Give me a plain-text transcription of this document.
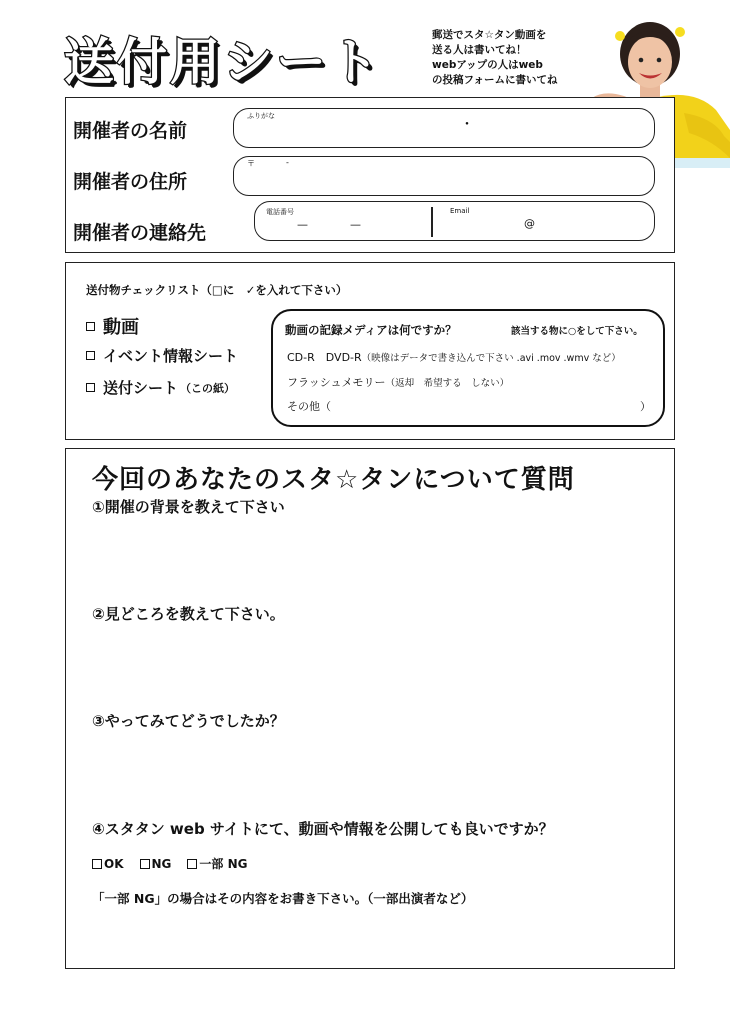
送付用シート	郵送でスタ☆タン動画を
送る人は書いてね！
webアップの人はweb
の投稿フォームに書いてね
開催者の名前
ふりがな
・
開催者の住所
〒	-
開催者の連絡先
電話番号
—	—
Email
@
送付物チェックリスト（□に　✓を入れて下さい）
動画
イベント情報シート
送付シート （この紙）
動画の記録メディアは何ですか？	該当する物に○をして下さい。
CD-R　DVD-R（映像はデータで書き込んで下さい .avi .mov .wmv など）
フラッシュメモリー（返却　希望する　しない）
その他（	）
今回のあなたのスタ☆タンについて質問
①開催の背景を教えて下さい
②見どころを教えて下さい。
③やってみてどうでしたか？
④スタタン web サイトにて、動画や情報を公開しても良いですか？
OK NG 一部 NG
「一部 NG」の場合はその内容をお書き下さい。（一部出演者など）
